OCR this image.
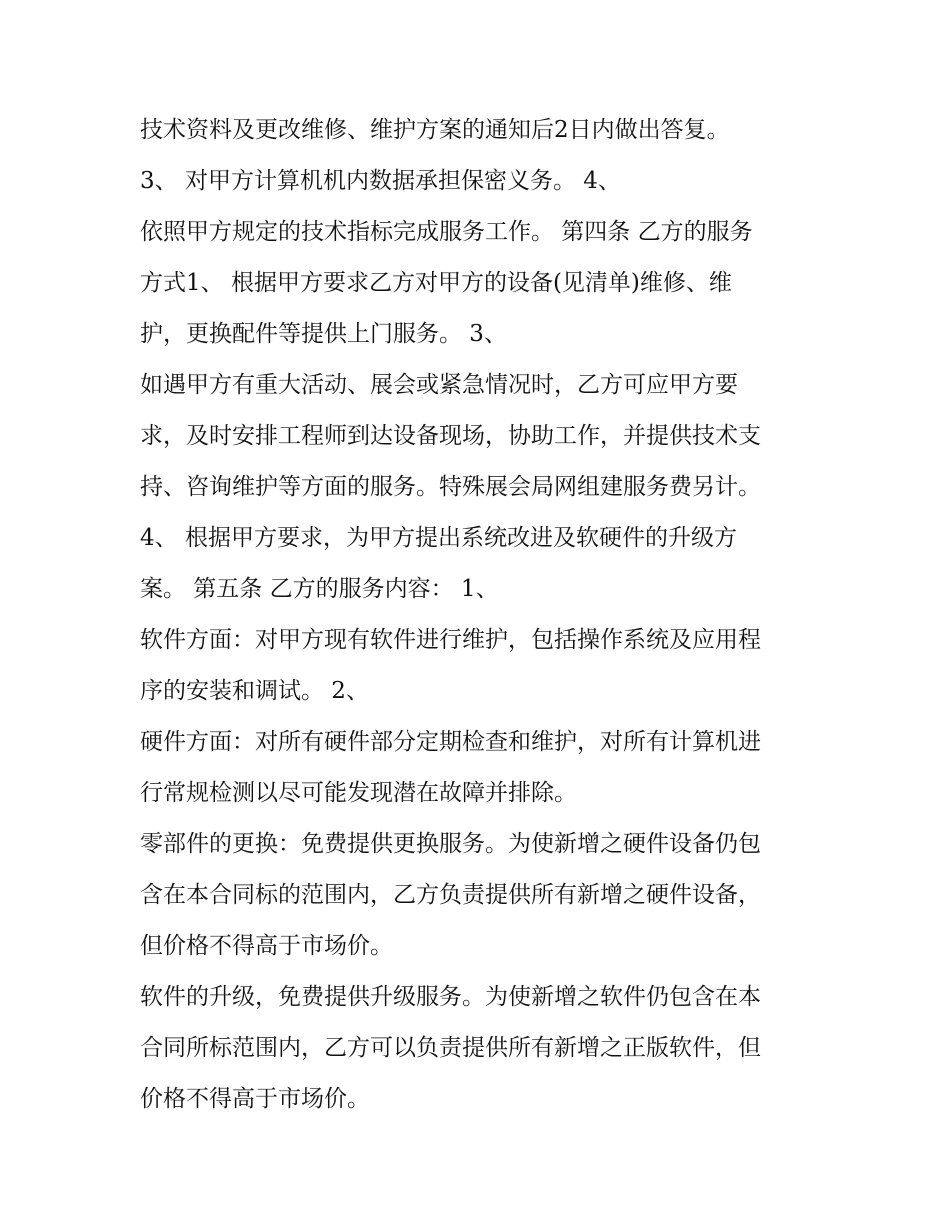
技术资料及更改维修、维护方案的通知后2日内做出答复。
3、 对甲方计算机机内数据承担保密义务。 4、
依照甲方规定的技术指标完成服务工作。 第四条 乙方的服务
方式1、 根据甲方要求乙方对甲方的设备(见清单)维修、维
护，更换配件等提供上门服务。 3、
如遇甲方有重大活动、展会或紧急情况时，乙方可应甲方要
求，及时安排工程师到达设备现场，协助工作，并提供技术支
持、咨询维护等方面的服务。特殊展会局网组建服务费另计。
4、 根据甲方要求，为甲方提出系统改进及软硬件的升级方
案。 第五条 乙方的服务内容： 1、
软件方面：对甲方现有软件进行维护，包括操作系统及应用程
序的安装和调试。 2、
硬件方面：对所有硬件部分定期检查和维护，对所有计算机进
行常规检测以尽可能发现潜在故障并排除。
零部件的更换：免费提供更换服务。为使新增之硬件设备仍包
含在本合同标的范围内，乙方负责提供所有新增之硬件设备，
但价格不得高于市场价。
软件的升级，免费提供升级服务。为使新增之软件仍包含在本
合同所标范围内，乙方可以负责提供所有新增之正版软件，但
价格不得高于市场价。
